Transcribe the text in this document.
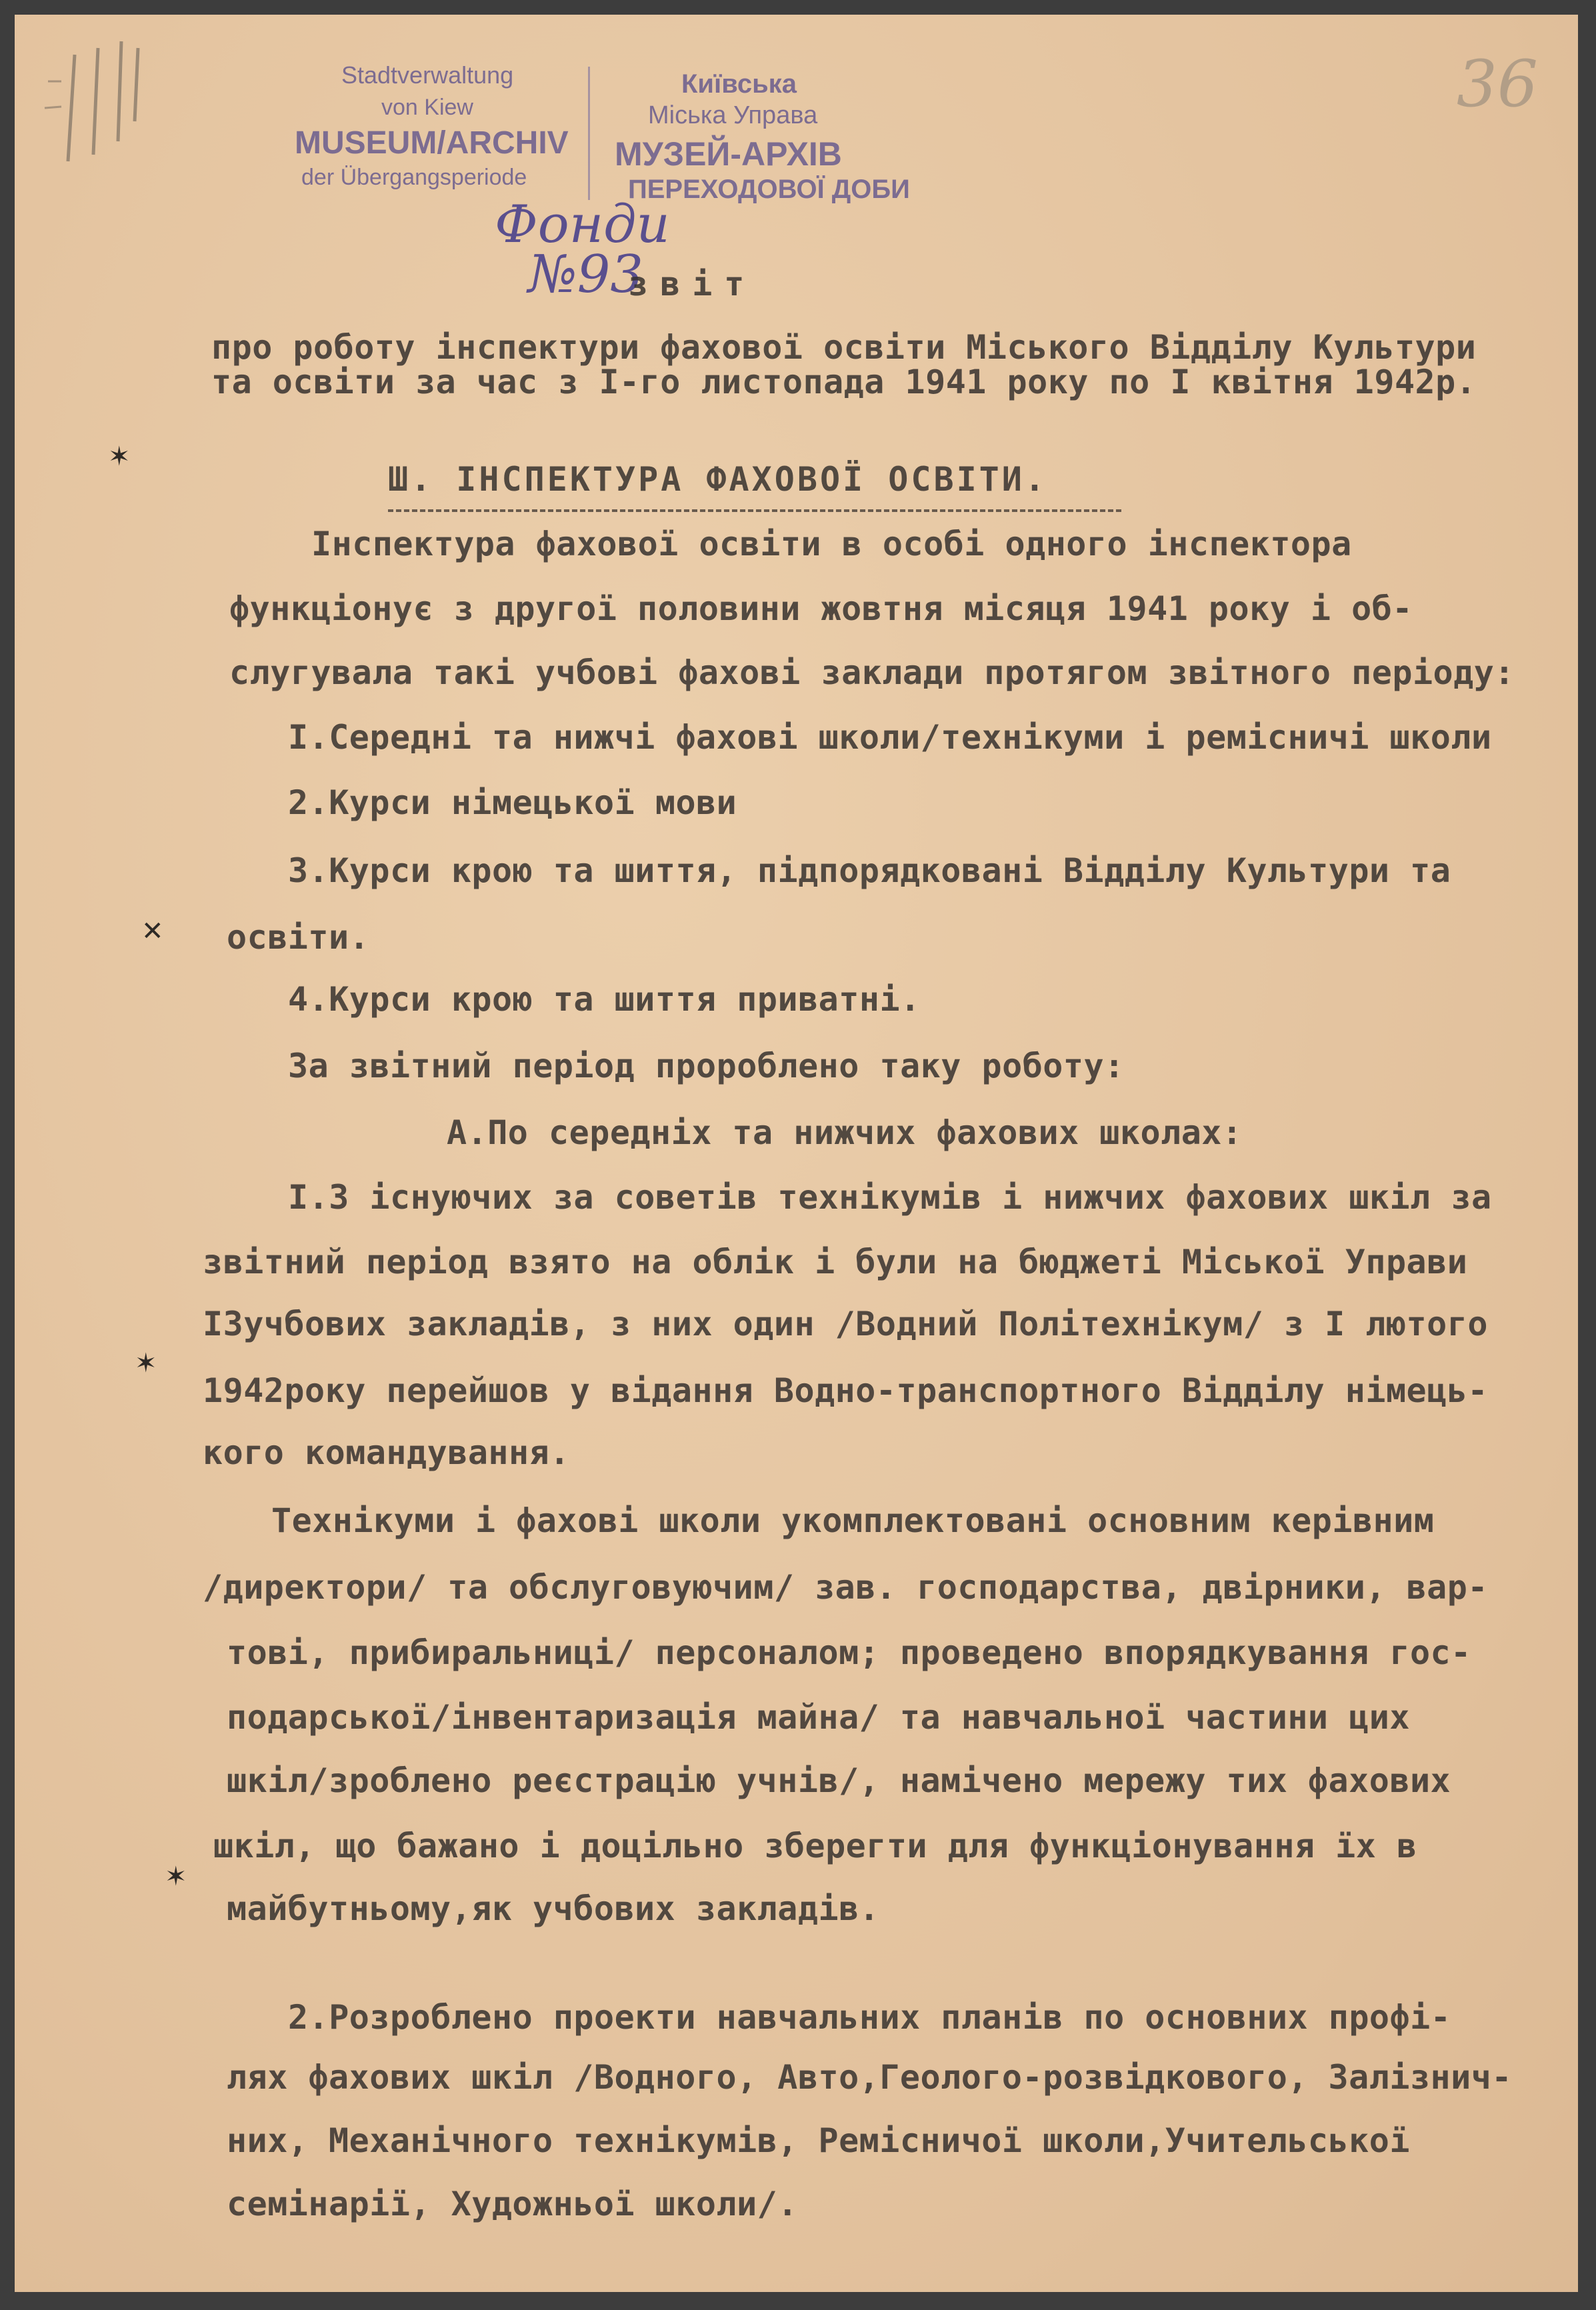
Stadtverwaltung
von Kiew
MUSEUM/ARCHIV
der Übergangsperiode
Київська
Міська Управа
МУЗЕЙ-АРХІВ
ПЕРЕХОДОВОЇ ДОБИ
Фонди
№93
36
звіт
про роботу інспектури фахової освіти Міського Відділу Культури
та освіти за час з І-го листопада 1941 року по І квітня 1942р.
Ш. ІНСПЕКТУРА ФАХОВОЇ ОСВІТИ.
Інспектура фахової освіти в особі одного інспектора
функціонує з другої половини жовтня місяця 1941 року і об-
слугувала такі учбові фахові заклади протягом звітного періоду:
І.Середні та нижчі фахові школи/технікуми і ремісничі школи
2.Курси німецької мови
3.Курси крою та шиття, підпорядковані Відділу Культури та
освіти.
4.Курси крою та шиття приватні.
За звітний період пророблено таку роботу:
А.По середніх та нижчих фахових школах:
І.З існуючих за советів технікумів і нижчих фахових шкіл за
звітний період взято на облік і були на бюджеті Міської Управи
ІЗучбових закладів, з них один /Водний Політехнікум/ з І лютого
1942року перейшов у відання Водно-транспортного Відділу німець-
кого командування.
Технікуми і фахові школи укомплектовані основним керівним
/директори/ та обслуговуючим/ зав. господарства, двірники, вар-
тові, прибиральниці/ персоналом; проведено впорядкування гос-
подарської/інвентаризація майна/ та навчальної частини цих
шкіл/зроблено реєстрацію учнів/, намічено мережу тих фахових
шкіл, що бажано і доцільно зберегти для функціонування їх в
майбутньому,як учбових закладів.
2.Розроблено проекти навчальних планів по основних профі-
лях фахових шкіл /Водного, Авто,Геолого-розвідкового, Залізнич-
них, Механічного технікумів, Ремісничої школи,Учительської
семінарії, Художньої школи/.
✶
✕
✶
✶
